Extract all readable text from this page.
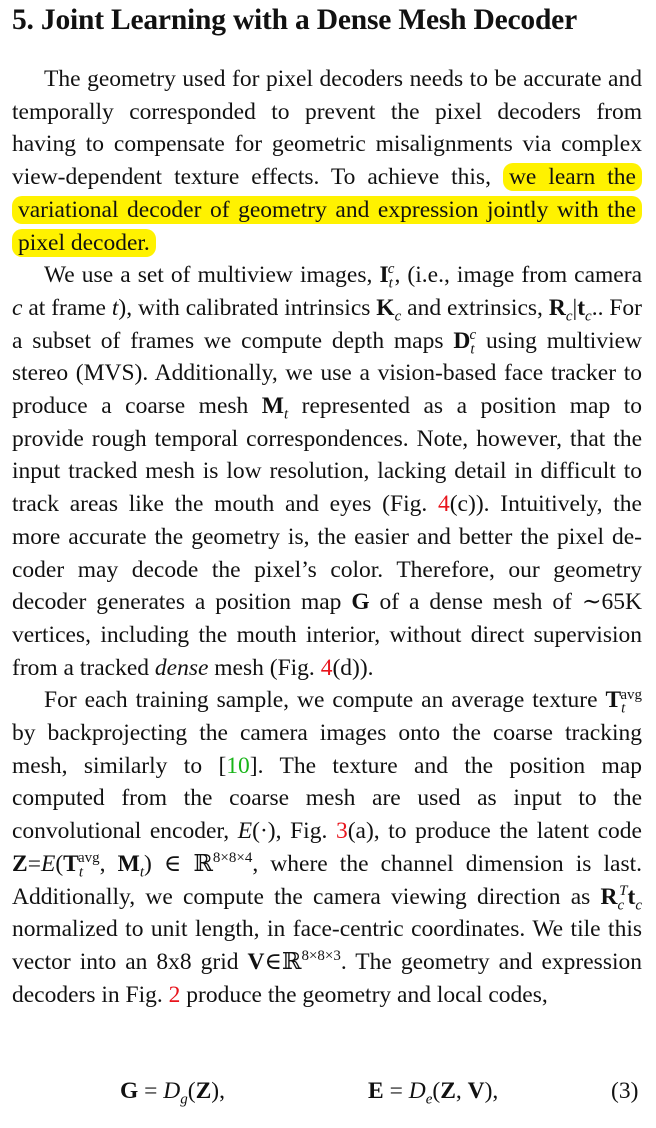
5. Joint Learning with a Dense Mesh Decoder

The geometry used for pixel decoders needs to be accurate and temporally corresponded to prevent the pixel decoders from having to compensate for geometric misalignments via complex view-dependent texture effects. To achieve this, we learn the variational decoder of geometry and expression jointly with the pixel decoder.

We use a set of multiview images, $I_t^c$, (i.e., image from camera c at frame t), with calibrated intrinsics $K_c$ and extrinsics, $R_c|t_c$.. For a subset of frames we compute depth maps $D_t^c$ using multiview stereo (MVS). Additionally, we use a vision-based face tracker to produce a coarse mesh $M_t$ represented as a position map to provide rough temporal correspondences. Note, however, that the input tracked mesh is low resolution, lacking detail in difficult to track areas like the mouth and eyes (Fig. 4(c)). Intuitively, the more accurate the geometry is, the easier and better the pixel decoder may decode the pixel’s color. Therefore, our geometry decoder generates a position map G of a dense mesh of ∼65K vertices, including the mouth interior, without direct supervision from a tracked dense mesh (Fig. 4(d)).

For each training sample, we compute an average texture $T_t^{avg}$ by backprojecting the camera images onto the coarse tracking mesh, similarly to [10]. The texture and the position map computed from the coarse mesh are used as input to the convolutional encoder, E(·), Fig. 3(a), to produce the latent code $Z=E(T_t^{avg}$, $M_t$) ∈ ℝ$^{8\times 8\times 4}$, where the channel dimension is last. Additionally, we compute the camera viewing direction as $R_c^Tt_c$ normalized to unit length, in face-centric coordinates. We tile this vector into an 8x8 grid V∈ℝ$^{8\times 8\times 3}$. The geometry and expression decoders in Fig. 2 produce the geometry and local codes,

$G = D_g(Z)$,	$E = D_e(Z$, V),	(3)
